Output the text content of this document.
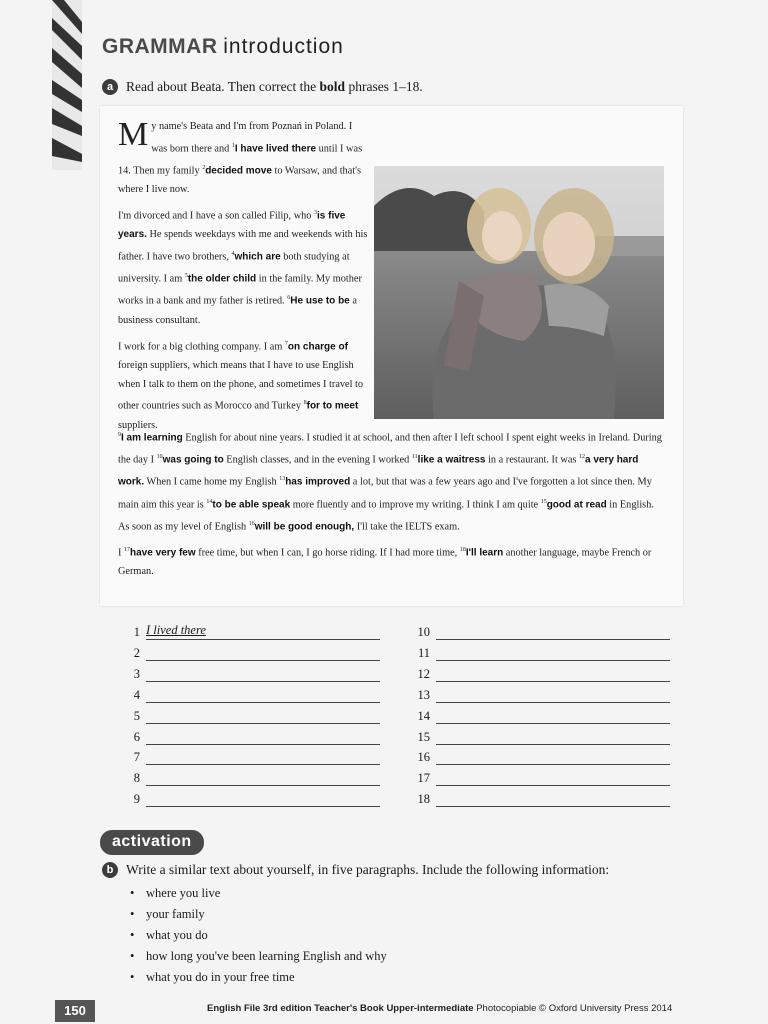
GRAMMAR introduction
a Read about Beata. Then correct the bold phrases 1–18.

My name's Beata and I'm from Poznań in Poland. I was born there and $^1$I have lived there until I was 14. Then my family $^2$decided move to Warsaw, and that's where I live now.

I'm divorced and I have a son called Filip, who $^3$is five years. He spends weekdays with me and weekends with his father. I have two brothers, $^4$which are both studying at university. I am $^5$the older child in the family. My mother works in a bank and my father is retired. $^6$He use to be a business consultant.

I work for a big clothing company. I am $^7$on charge of foreign suppliers, which means that I have to use English when I talk to them on the phone, and sometimes I travel to other countries such as Morocco and Turkey $^8$for to meet suppliers.

$^9$I am learning English for about nine years. I studied it at school, and then after I left school I spent eight weeks in Ireland. During the day I $^{10}$was going to English classes, and in the evening I worked $^{11}$like a waitress in a restaurant. It was $^{12}$a very hard work. When I came home my English $^{13}$has improved a lot, but that was a few years ago and I've forgotten a lot since then. My main aim this year is $^{14}$to be able speak more fluently and to improve my writing. I think I am quite $^{15}$good at read in English. As soon as my level of English $^{16}$will be good enough, I'll take the IELTS exam.

I $^{17}$have very few free time, but when I can, I go horse riding. If I had more time, $^{18}$I'll learn another language, maybe French or German.

1 I lived there
2
3
4
5
6
7
8
9
10
11
12
13
14
15
16
17
18
activation
b Write a similar text about yourself, in five paragraphs. Include the following information:
• where you live
• your family
• what you do
• how long you've been learning English and why
• what you do in your free time
150	English File 3rd edition Teacher's Book Upper-intermediate Photocopiable © Oxford University Press 2014
